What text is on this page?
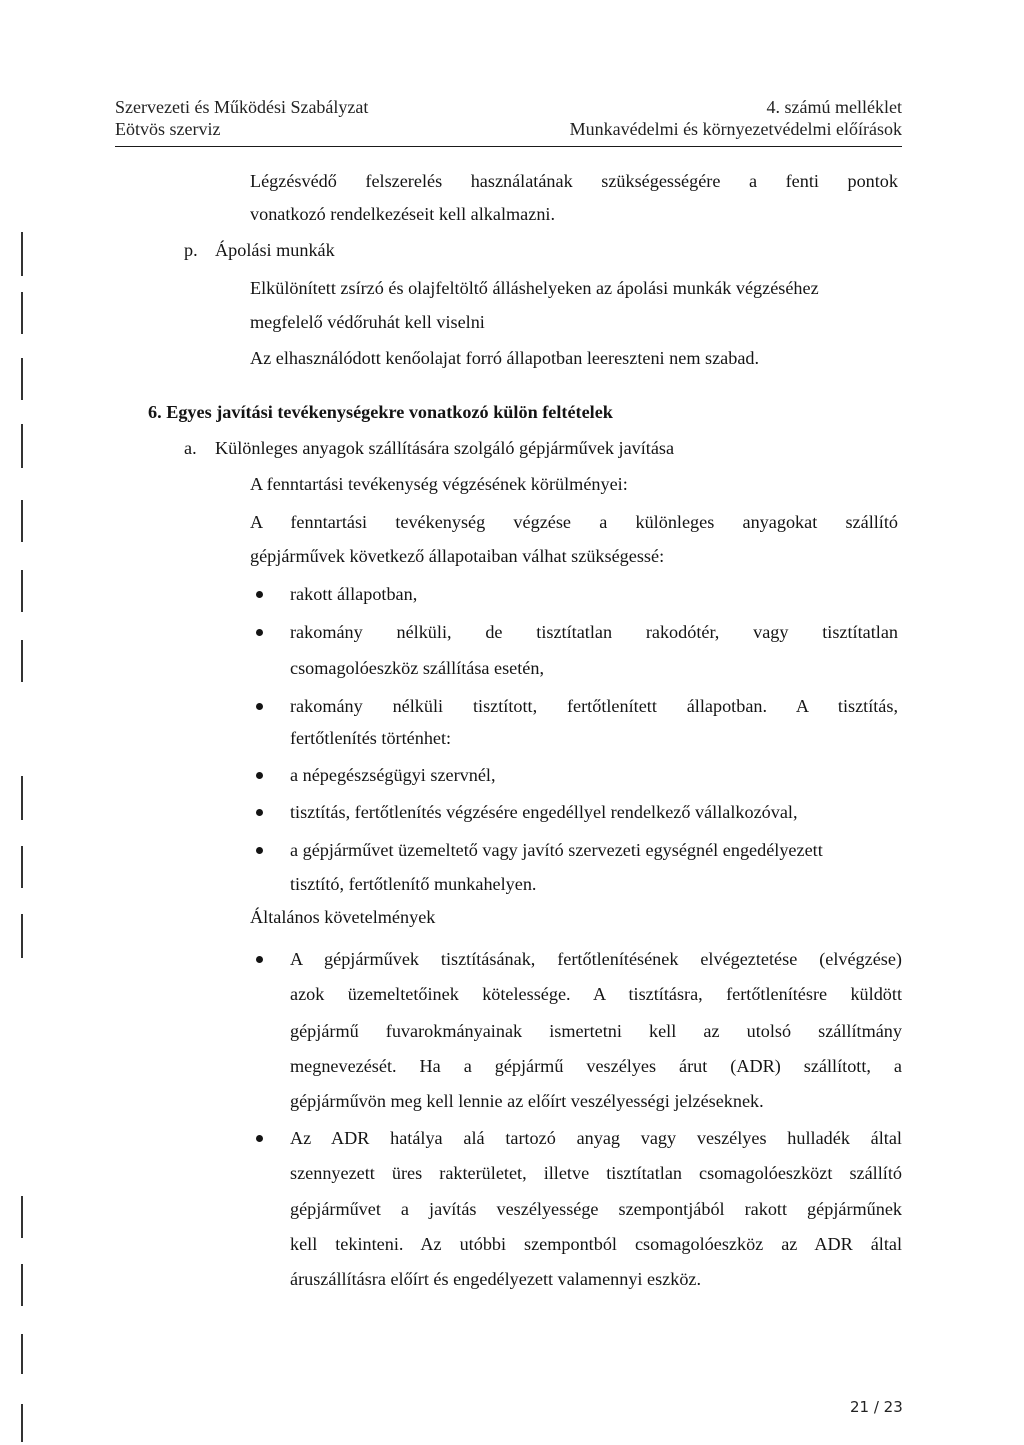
Szervezeti és Működési Szabályzat
Eötvös szerviz
4. számú melléklet
Munkavédelmi és környezetvédelmi előírások
Légzésvédő felszerelés használatának szükségességére a fenti pontok
vonatkozó rendelkezéseit kell alkalmazni.
p. Ápolási munkák
Elkülönített zsírzó és olajfeltöltő álláshelyeken az ápolási munkák végzéséhez
megfelelő védőruhát kell viselni
Az elhasználódott kenőolajat forró állapotban leereszteni nem szabad.
6. Egyes javítási tevékenységekre vonatkozó külön feltételek
a. Különleges anyagok szállítására szolgáló gépjárművek javítása
A fenntartási tevékenység végzésének körülményei:
A fenntartási tevékenység végzése a különleges anyagokat szállító
gépjárművek következő állapotaiban válhat szükségessé:
rakott állapotban,
rakomány nélküli, de tisztítatlan rakodótér, vagy tisztítatlan
csomagolóeszköz szállítása esetén,
rakomány nélküli tisztított, fertőtlenített állapotban. A tisztítás,
fertőtlenítés történhet:
a népegészségügyi szervnél,
tisztítás, fertőtlenítés végzésére engedéllyel rendelkező vállalkozóval,
a gépjárművet üzemeltető vagy javító szervezeti egységnél engedélyezett
tisztító, fertőtlenítő munkahelyen.
Általános követelmények
A gépjárművek tisztításának, fertőtlenítésének elvégeztetése (elvégzése)
azok üzemeltetőinek kötelessége. A tisztításra, fertőtlenítésre küldött
gépjármű fuvarokmányainak ismertetni kell az utolsó szállítmány
megnevezését. Ha a gépjármű veszélyes árut (ADR) szállított, a
gépjárművön meg kell lennie az előírt veszélyességi jelzéseknek.
Az ADR hatálya alá tartozó anyag vagy veszélyes hulladék által
szennyezett üres rakterületet, illetve tisztítatlan csomagolóeszközt szállító
gépjárművet a javítás veszélyessége szempontjából rakott gépjárműnek
kell tekinteni. Az utóbbi szempontból csomagolóeszköz az ADR által
áruszállításra előírt és engedélyezett valamennyi eszköz.
21 / 23
